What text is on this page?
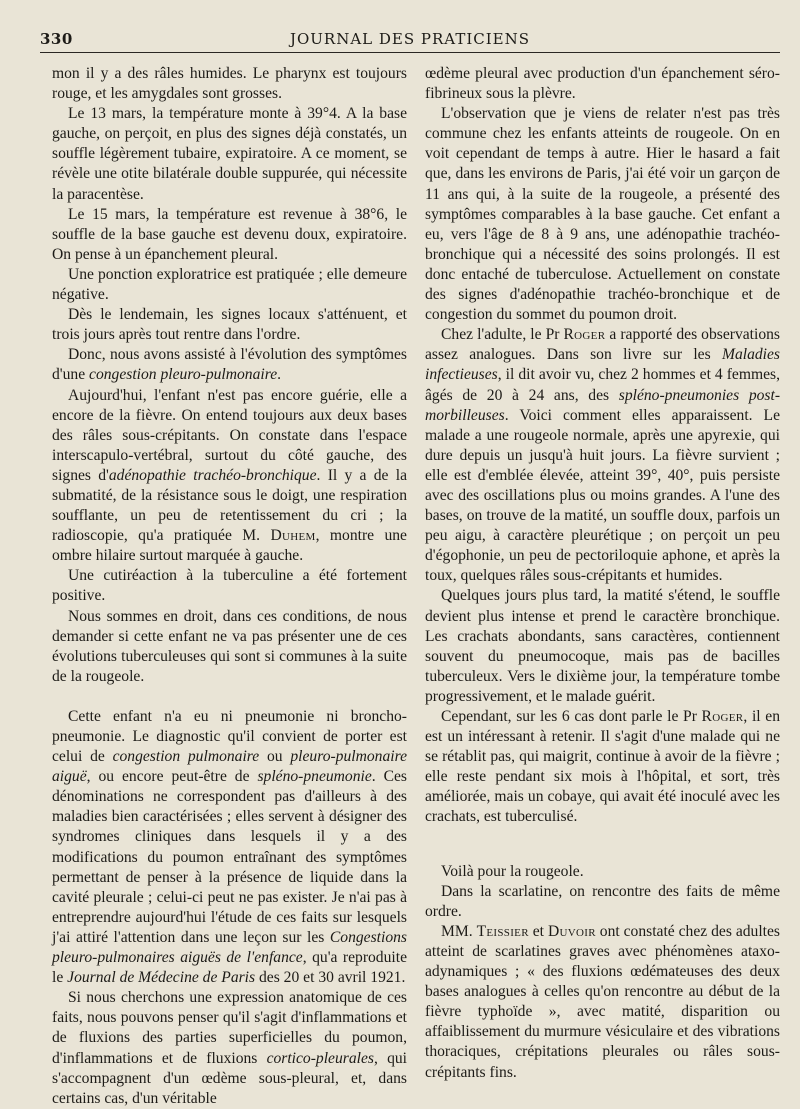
330	JOURNAL DES PRATICIENS

mon il y a des râles humides. Le pharynx est toujours rouge, et les amygdales sont grosses.

Le 13 mars, la température monte à 39°4. A la base gauche, on perçoit, en plus des signes déjà constatés, un souffle légèrement tubaire, expiratoire. A ce moment, se révèle une otite bilatérale double suppurée, qui nécessite la paracentèse.

Le 15 mars, la température est revenue à 38°6, le souffle de la base gauche est devenu doux, expiratoire. On pense à un épanchement pleural.

Une ponction exploratrice est pratiquée ; elle demeure négative.

Dès le lendemain, les signes locaux s'atténuent, et trois jours après tout rentre dans l'ordre.

Donc, nous avons assisté à l'évolution des symptômes d'une congestion pleuro-pulmonaire.

Aujourd'hui, l'enfant n'est pas encore guérie, elle a encore de la fièvre. On entend toujours aux deux bases des râles sous-crépitants. On constate dans l'espace interscapulo-vertébral, surtout du côté gauche, des signes d'adénopathie trachéo-bronchique. Il y a de la submatité, de la résistance sous le doigt, une respiration soufflante, un peu de retentissement du cri ; la radioscopie, qu'a pratiquée M. Duhem, montre une ombre hilaire surtout marquée à gauche.

Une cutiréaction à la tuberculine a été fortement positive.

Nous sommes en droit, dans ces conditions, de nous demander si cette enfant ne va pas présenter une de ces évolutions tuberculeuses qui sont si communes à la suite de la rougeole.

Cette enfant n'a eu ni pneumonie ni broncho-pneumonie. Le diagnostic qu'il convient de porter est celui de congestion pulmonaire ou pleuro-pulmonaire aiguë, ou encore peut-être de spléno-pneumonie. Ces dénominations ne correspondent pas d'ailleurs à des maladies bien caractérisées ; elles servent à désigner des syndromes cliniques dans lesquels il y a des modifications du poumon entraînant des symptômes permettant de penser à la présence de liquide dans la cavité pleurale ; celui-ci peut ne pas exister. Je n'ai pas à entreprendre aujourd'hui l'étude de ces faits sur lesquels j'ai attiré l'attention dans une leçon sur les Congestions pleuro-pulmonaires aiguës de l'enfance, qu'a reproduite le Journal de Médecine de Paris des 20 et 30 avril 1921.

Si nous cherchons une expression anatomique de ces faits, nous pouvons penser qu'il s'agit d'inflammations et de fluxions des parties superficielles du poumon, d'inflammations et de fluxions cortico-pleurales, qui s'accompagnent d'un œdème sous-pleural, et, dans certains cas, d'un véritable

œdème pleural avec production d'un épanchement séro-fibrineux sous la plèvre.

L'observation que je viens de relater n'est pas très commune chez les enfants atteints de rougeole. On en voit cependant de temps à autre. Hier le hasard a fait que, dans les environs de Paris, j'ai été voir un garçon de 11 ans qui, à la suite de la rougeole, a présenté des symptômes comparables à la base gauche. Cet enfant a eu, vers l'âge de 8 à 9 ans, une adénopathie trachéo-bronchique qui a nécessité des soins prolongés. Il est donc entaché de tuberculose. Actuellement on constate des signes d'adénopathie trachéo-bronchique et de congestion du sommet du poumon droit.

Chez l'adulte, le Pr Roger a rapporté des observations assez analogues. Dans son livre sur les Maladies infectieuses, il dit avoir vu, chez 2 hommes et 4 femmes, âgés de 20 à 24 ans, des spléno-pneumonies post-morbilleuses. Voici comment elles apparaissent. Le malade a une rougeole normale, après une apyrexie, qui dure depuis un jusqu'à huit jours. La fièvre survient ; elle est d'emblée élevée, atteint 39°, 40°, puis persiste avec des oscillations plus ou moins grandes. A l'une des bases, on trouve de la matité, un souffle doux, parfois un peu aigu, à caractère pleurétique ; on perçoit un peu d'égophonie, un peu de pectoriloquie aphone, et après la toux, quelques râles sous-crépitants et humides.

Quelques jours plus tard, la matité s'étend, le souffle devient plus intense et prend le caractère bronchique. Les crachats abondants, sans caractères, contiennent souvent du pneumocoque, mais pas de bacilles tuberculeux. Vers le dixième jour, la température tombe progressivement, et le malade guérit.

Cependant, sur les 6 cas dont parle le Pr Roger, il en est un intéressant à retenir. Il s'agit d'une malade qui ne se rétablit pas, qui maigrit, continue à avoir de la fièvre ; elle reste pendant six mois à l'hôpital, et sort, très améliorée, mais un cobaye, qui avait été inoculé avec les crachats, est tuberculisé.

Voilà pour la rougeole.

Dans la scarlatine, on rencontre des faits de même ordre.

MM. Teissier et Duvoir ont constaté chez des adultes atteint de scarlatines graves avec phénomènes ataxo-adynamiques ; « des fluxions œdémateuses des deux bases analogues à celles qu'on rencontre au début de la fièvre typhoïde », avec matité, disparition ou affaiblissement du murmure vésiculaire et des vibrations thoraciques, crépitations pleurales ou râles sous-crépitants fins.
